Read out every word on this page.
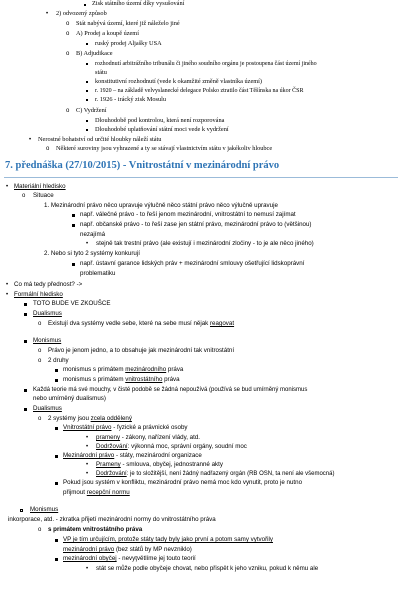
Zisk státního území díky vysušování
• 2) odvozený způsob
o Stát nabývá území, které již náleželo jiné
o A) Prodej a koupě území
ruský prodej Aljašky USA
o B) Adjudikace
rozhodnutí arbitrážního tribunálu či jiného soudního orgánu je postoupena část území jiného
státu
konstitutivní rozhodnutí (vede k okamžité změně vlastníka území)
r. 1920 – na základě velvyslanecké delegace Polsko ztratilo část Těšínska na úkor ČSR
r. 1926 - irácký zisk Mosulu
o C) Vydržení
Dlouhodobě pod kontrolou, která není rozporována
Dlouhodobé uplatňování státní moci vede k vydržení
• Nerostné bohatství od určité hloubky náleží státu
o Některé suroviny jsou vyhrazené a ty se stávají vlastnictvím státu v jakékoliv hloubce
7. přednáška (27/10/2015) - Vnitrostátní v mezinárodní právo
• Materiální hledisko
o Situace
1. Mezinárodní právo něco upravuje výlučně něco státní právo něco výlučně upravuje
např. válečné právo - to řeší jenom mezinárodní, vnitrostátní to nemusí zajímat
např. občanské právo - to řeší zase jen státní právo, mezinárodní právo to (většinou)
nezajímá
• stejně tak trestní právo (ale existují i mezinárodní zločiny - to je ale něco jiného)
2. Nebo si tyto 2 systémy konkurují
např. ústavní garance lidských práv + mezinárodní smlouvy ošetřující lidskoprávní
problematiku
• Co má tedy přednost? ->
• Formální hledisko
TOTO BUDE VE ZKOUŠCE
Dualismus
o Existují dva systémy vedle sebe, které na sebe musí nějak reagovat
Monismus
o Právo je jenom jedno, a to obsahuje jak mezinárodní tak vnitrostátní
o 2 druhy
monismus s primátem mezinárodního práva
monismus s primátem vnitrostátního práva
Každá teorie má své mouchy, v čisté podobě se žádná nepoužívá (používá se bud umírněný monismus
nebo umírněný dualismus)
Dualismus
o 2 systémy jsou zcela oddělený
Vnitrostátní právo - fyzické a právnické osoby
• prameny - zákony, nařízení vlády, atd.
• Dodržování: výkonná moc, správní orgány, soudní moc
Mezinárodní právo - státy, mezinárodní organizace
• Prameny - smlouva, obyčej, jednostranné akty
• Dodržování: je to složitější, není žádný nadřazený orgán (RB OSN, ta není ale všemocná)
Pokud jsou systém v konfliktu, mezinárodní právo nemá moc kdo vynutit, proto je nutno
přijmout recepční normu
Monismus
inkorporace, atd. - zkratka přijetí mezinárodní normy do vnitrostátního práva
o s primátem vnitrostátního práva
VP je tím určujícím, protože státy tady byly jako první a potom samy vytvořily
mezinárodní právo (bez států by MP nevzniklo)
mezinárodní obyčej - nevyţvětlíme jej touto teorií
• stát se může podle obyčeje chovat, nebo přispět k jeho vzniku, pokud k němu ale
